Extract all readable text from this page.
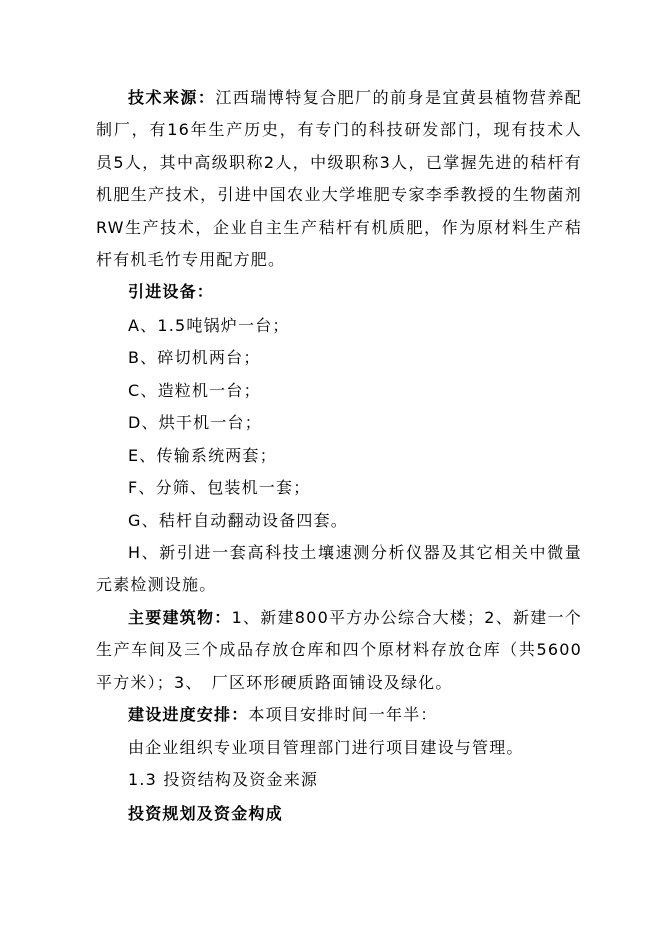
技术来源：江西瑞博特复合肥厂的前身是宜黄县植物营养配制厂，有16年生产历史，有专门的科技研发部门，现有技术人员5人，其中高级职称2人，中级职称3人，已掌握先进的秸杆有机肥生产技术，引进中国农业大学堆肥专家李季教授的生物菌剂RW生产技术，企业自主生产秸杆有机质肥，作为原材料生产秸杆有机毛竹专用配方肥。

引进设备：

A、1.5吨锅炉一台；

B、碎切机两台；

C、造粒机一台；

D、烘干机一台；

E、传输系统两套；

F、分筛、包装机一套；

G、秸杆自动翻动设备四套。

H、新引进一套高科技土壤速测分析仪器及其它相关中微量元素检测设施。

主要建筑物：1、新建800平方办公综合大楼；2、新建一个生产车间及三个成品存放仓库和四个原材料存放仓库（共5600平方米）；3、　厂区环形硬质路面铺设及绿化。

建设进度安排：本项目安排时间一年半：

由企业组织专业项目管理部门进行项目建设与管理。

1.3 投资结构及资金来源

投资规划及资金构成
